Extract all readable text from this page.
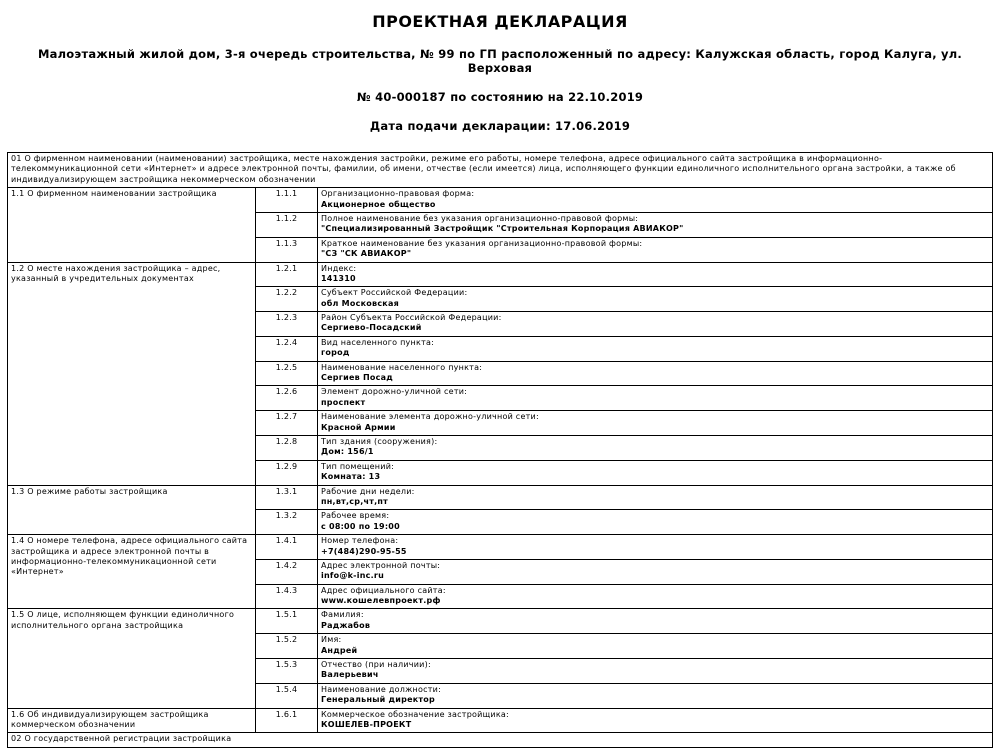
ПРОЕКТНАЯ ДЕКЛАРАЦИЯ
Малоэтажный жилой дом, 3-я очередь строительства, № 99 по ГП расположенный по адресу: Калужская область, город Калуга, ул. Верховая
№ 40-000187 по состоянию на 22.10.2019
Дата подачи декларации: 17.06.2019
01 О фирменном наименовании (наименовании) застройщика, месте нахождения застройки, режиме его работы, номере телефона, адресе официального сайта застройщика в информационно-телекоммуникационной сети «Интернет» и адресе электронной почты, фамилии, об имени, отчестве (если имеется) лица, исполняющего функции единоличного исполнительного органа застройки, а также об индивидуализирующем застройщика некоммерческом обозначении		
1.1 О фирменном наименовании застройщика	1.1.1	Организационно-правовая форма:
Акционерное общество

	1.1.2	Полное наименование без указания организационно-правовой формы:
"Специализированный Застройщик "Строительная Корпорация АВИАКОР"

	1.1.3	Краткое наименование без указания организационно-правовой формы:
"СЗ "СК АВИАКОР"

1.2 О месте нахождения застройщика – адрес, указанный в учредительных документах	1.2.1	Индекс:
141310

	1.2.2	Субъект Российской Федерации:
обл Московская

	1.2.3	Район Субъекта Российской Федерации:
Сергиево-Посадский

	1.2.4	Вид населенного пункта:
город

	1.2.5	Наименование населенного пункта:
Сергиев Посад

	1.2.6	Элемент дорожно-уличной сети:
проспект

	1.2.7	Наименование элемента дорожно-уличной сети:
Красной Армии

	1.2.8	Тип здания (сооружения):
Дом: 156/1

	1.2.9	Тип помещений:
Комната: 13

1.3 О режиме работы застройщика	1.3.1	Рабочие дни недели:
пн,вт,ср,чт,пт

	1.3.2	Рабочее время:
с 08:00 по 19:00

1.4 О номере телефона, адресе официального сайта застройщика и адресе электронной почты в информационно-телекоммуникационной сети «Интернет»	1.4.1	Номер телефона:
+7(484)290-95-55

	1.4.2	Адрес электронной почты:
info@k-inc.ru

	1.4.3	Адрес официального сайта:
www.кошелевпроект.рф

1.5 О лице, исполняющем функции единоличного исполнительного органа застройщика	1.5.1	Фамилия:
Раджабов

	1.5.2	Имя:
Андрей

	1.5.3	Отчество (при наличии):
Валерьевич

	1.5.4	Наименование должности:
Генеральный директор

1.6 Об индивидуализирующем застройщика коммерческом обозначении	1.6.1	Коммерческое обозначение застройщика:
КОШЕЛЕВ-ПРОЕКТ

02 О государственной регистрации застройщика		
